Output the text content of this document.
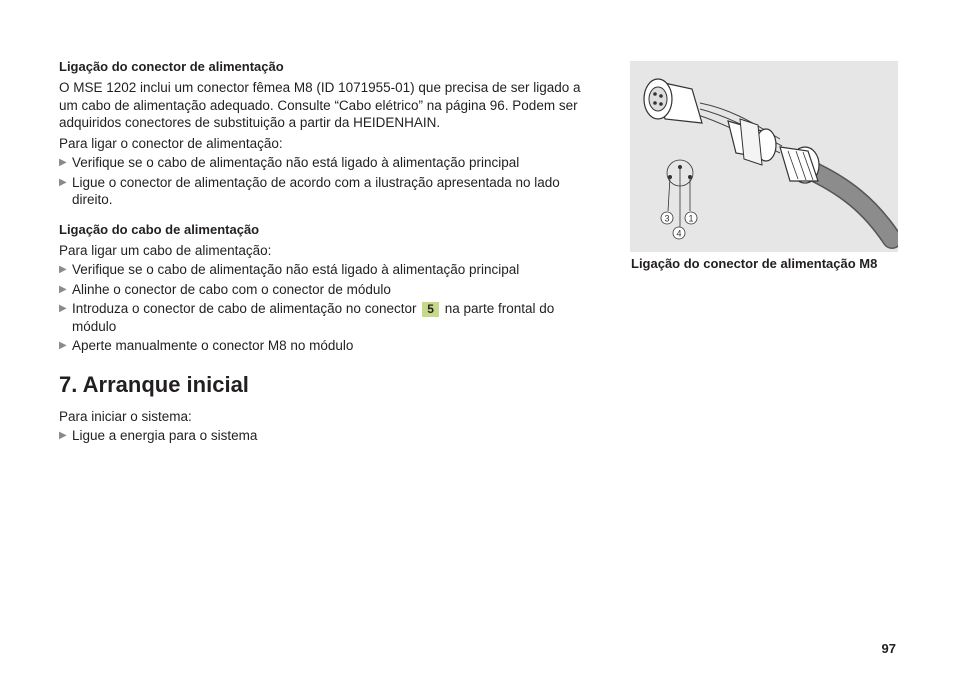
Ligação do conector de alimentação

O MSE 1202 inclui um conector fêmea M8 (ID 1071955-01) que precisa de ser ligado a um cabo de alimentação adequado. Consulte “Cabo elétrico” na página 96. Podem ser adquiridos conectores de substituição a partir da HEIDENHAIN.

Para ligar o conector de alimentação:

▶ Verifique se o cabo de alimentação não está ligado à alimentação principal
▶ Ligue o conector de alimentação de acordo com a ilustração apresentada no lado direito.
Ligação do cabo de alimentação

Para ligar um cabo de alimentação:

▶ Verifique se o cabo de alimentação não está ligado à alimentação principal
▶ Alinhe o conector de cabo com o conector de módulo
▶ Introduza o conector de cabo de alimentação no conector 5 na parte frontal do módulo
▶ Aperte manualmente o conector M8 no módulo
7. Arranque inicial

Para iniciar o sistema:

▶ Ligue a energia para o sistema
3 1
4
Ligação do conector de alimentação M8
97
